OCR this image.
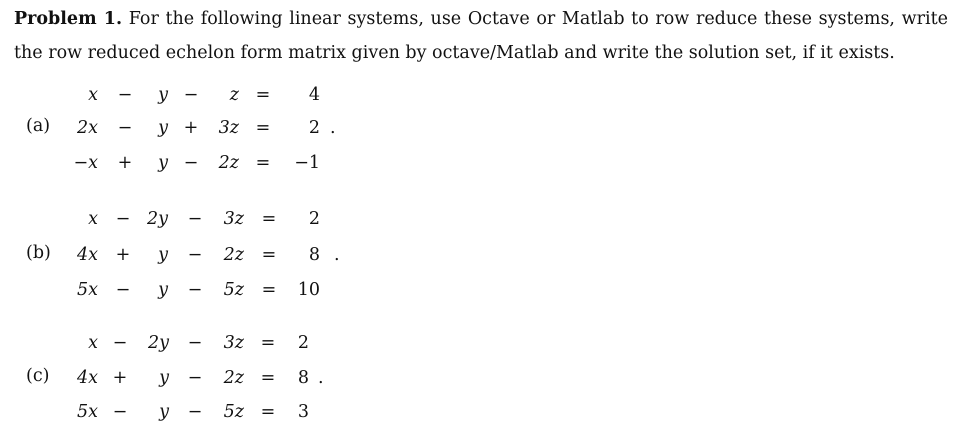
Problem 1. For the following linear systems, use Octave or Matlab to row reduce these systems, write the row reduced echelon form matrix given by octave/Matlab and write the solution set, if it exists.
(a)
x −	y −	z =	4
2x −	y +	3z =	2 .
−x +	y −	2z =	−1
(b)
x − 2y −	3z =	2
4x +	y −	2z =	8 .
5x −	y −	5z =	10
(c)
x −	2y −	3z =	2
4x +	y −	2z =	8 .
5x −	y −	5z =	3
